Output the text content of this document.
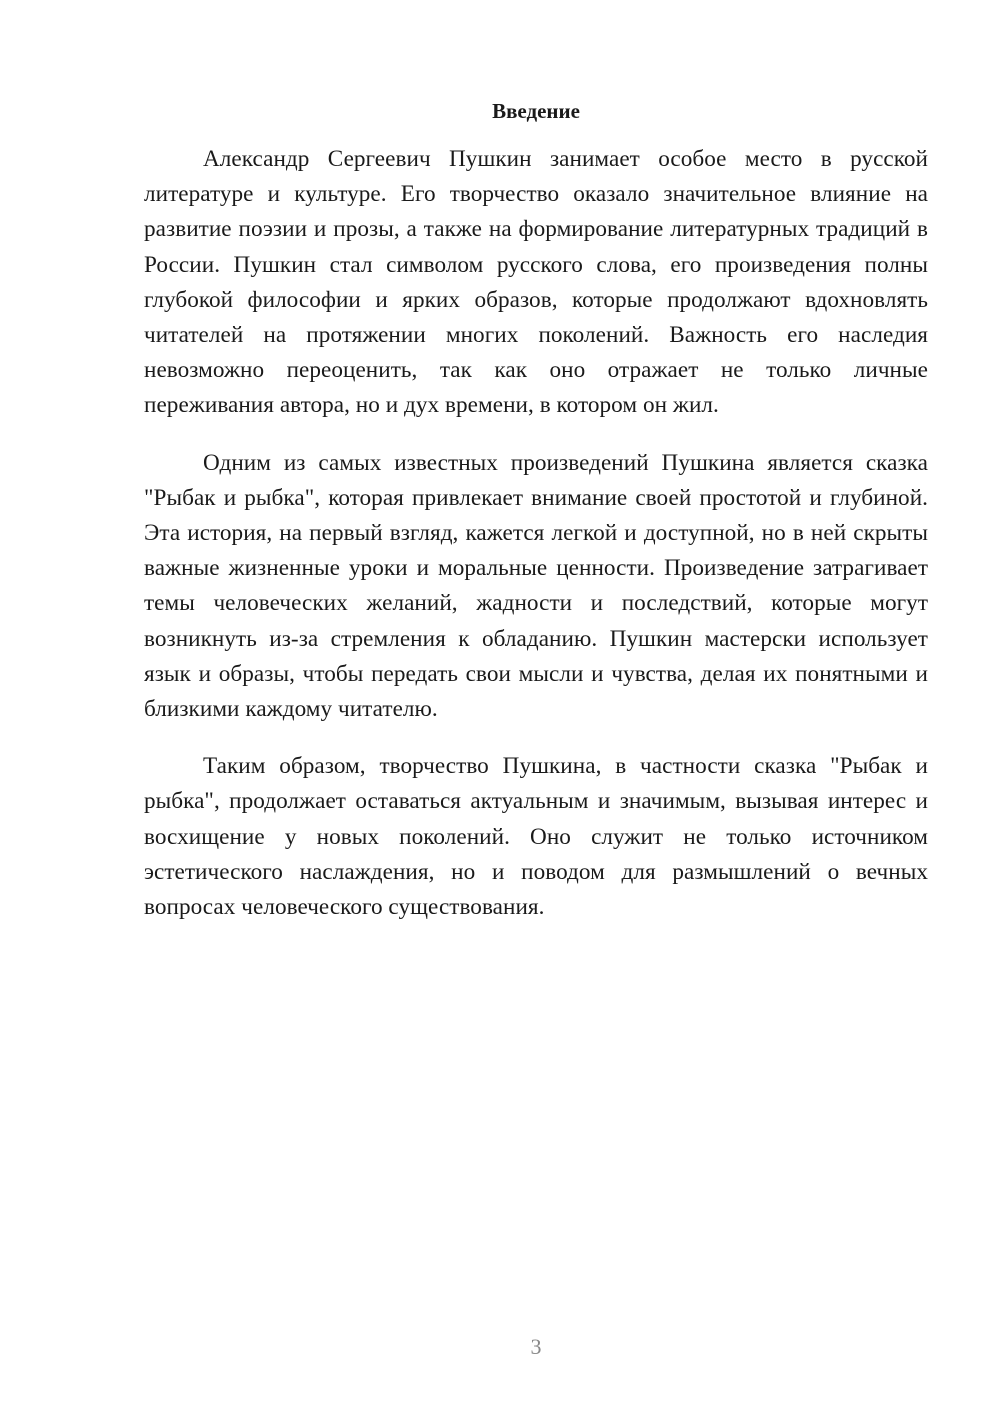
Введение

Александр Сергеевич Пушкин занимает особое место в русской литературе и культуре. Его творчество оказало значительное влияние на развитие поэзии и прозы, а также на формирование литературных традиций в России. Пушкин стал символом русского слова, его произведения полны глубокой философии и ярких образов, которые продолжают вдохновлять читателей на протяжении многих поколений. Важность его наследия невозможно переоценить, так как оно отражает не только личные переживания автора, но и дух времени, в котором он жил.

Одним из самых известных произведений Пушкина является сказка "Рыбак и рыбка", которая привлекает внимание своей простотой и глубиной. Эта история, на первый взгляд, кажется легкой и доступной, но в ней скрыты важные жизненные уроки и моральные ценности. Произведение затрагивает темы человеческих желаний, жадности и последствий, которые могут возникнуть из-за стремления к обладанию. Пушкин мастерски использует язык и образы, чтобы передать свои мысли и чувства, делая их понятными и близкими каждому читателю.

Таким образом, творчество Пушкина, в частности сказка "Рыбак и рыбка", продолжает оставаться актуальным и значимым, вызывая интерес и восхищение у новых поколений. Оно служит не только источником эстетического наслаждения, но и поводом для размышлений о вечных вопросах человеческого существования.

3
